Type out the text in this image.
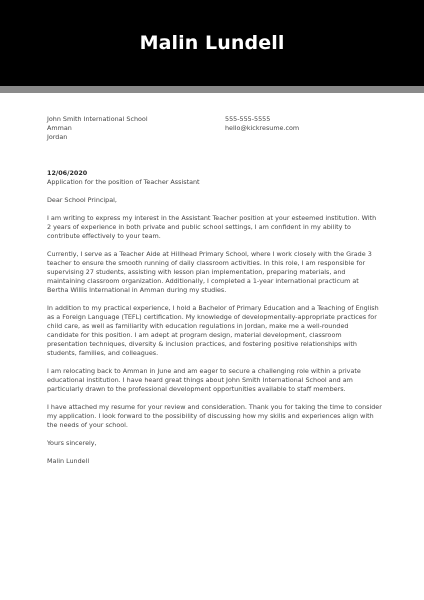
Malin Lundell
John Smith International School
Amman
Jordan
555-555-5555
hello@kickresume.com
12/06/2020
Application for the position of Teacher Assistant
Dear School Principal,
I am writing to express my interest in the Assistant Teacher position at your esteemed institution. With 2 years of experience in both private and public school settings, I am confident in my ability to contribute effectively to your team.
Currently, I serve as a Teacher Aide at Hillhead Primary School, where I work closely with the Grade 3 teacher to ensure the smooth running of daily classroom activities. In this role, I am responsible for supervising 27 students, assisting with lesson plan implementation, preparing materials, and maintaining classroom organization. Additionally, I completed a 1-year international practicum at Bertha Willis International in Amman during my studies.
In addition to my practical experience, I hold a Bachelor of Primary Education and a Teaching of English as a Foreign Language (TEFL) certification. My knowledge of developmentally-appropriate practices for child care, as well as familiarity with education regulations in Jordan, make me a well-rounded candidate for this position. I am adept at program design, material development, classroom presentation techniques, diversity & inclusion practices, and fostering positive relationships with students, families, and colleagues.
I am relocating back to Amman in June and am eager to secure a challenging role within a private educational institution. I have heard great things about John Smith International School and am particularly drawn to the professional development opportunities available to staff members.
I have attached my resume for your review and consideration. Thank you for taking the time to consider my application. I look forward to the possibility of discussing how my skills and experiences align with the needs of your school.
Yours sincerely,
Malin Lundell
